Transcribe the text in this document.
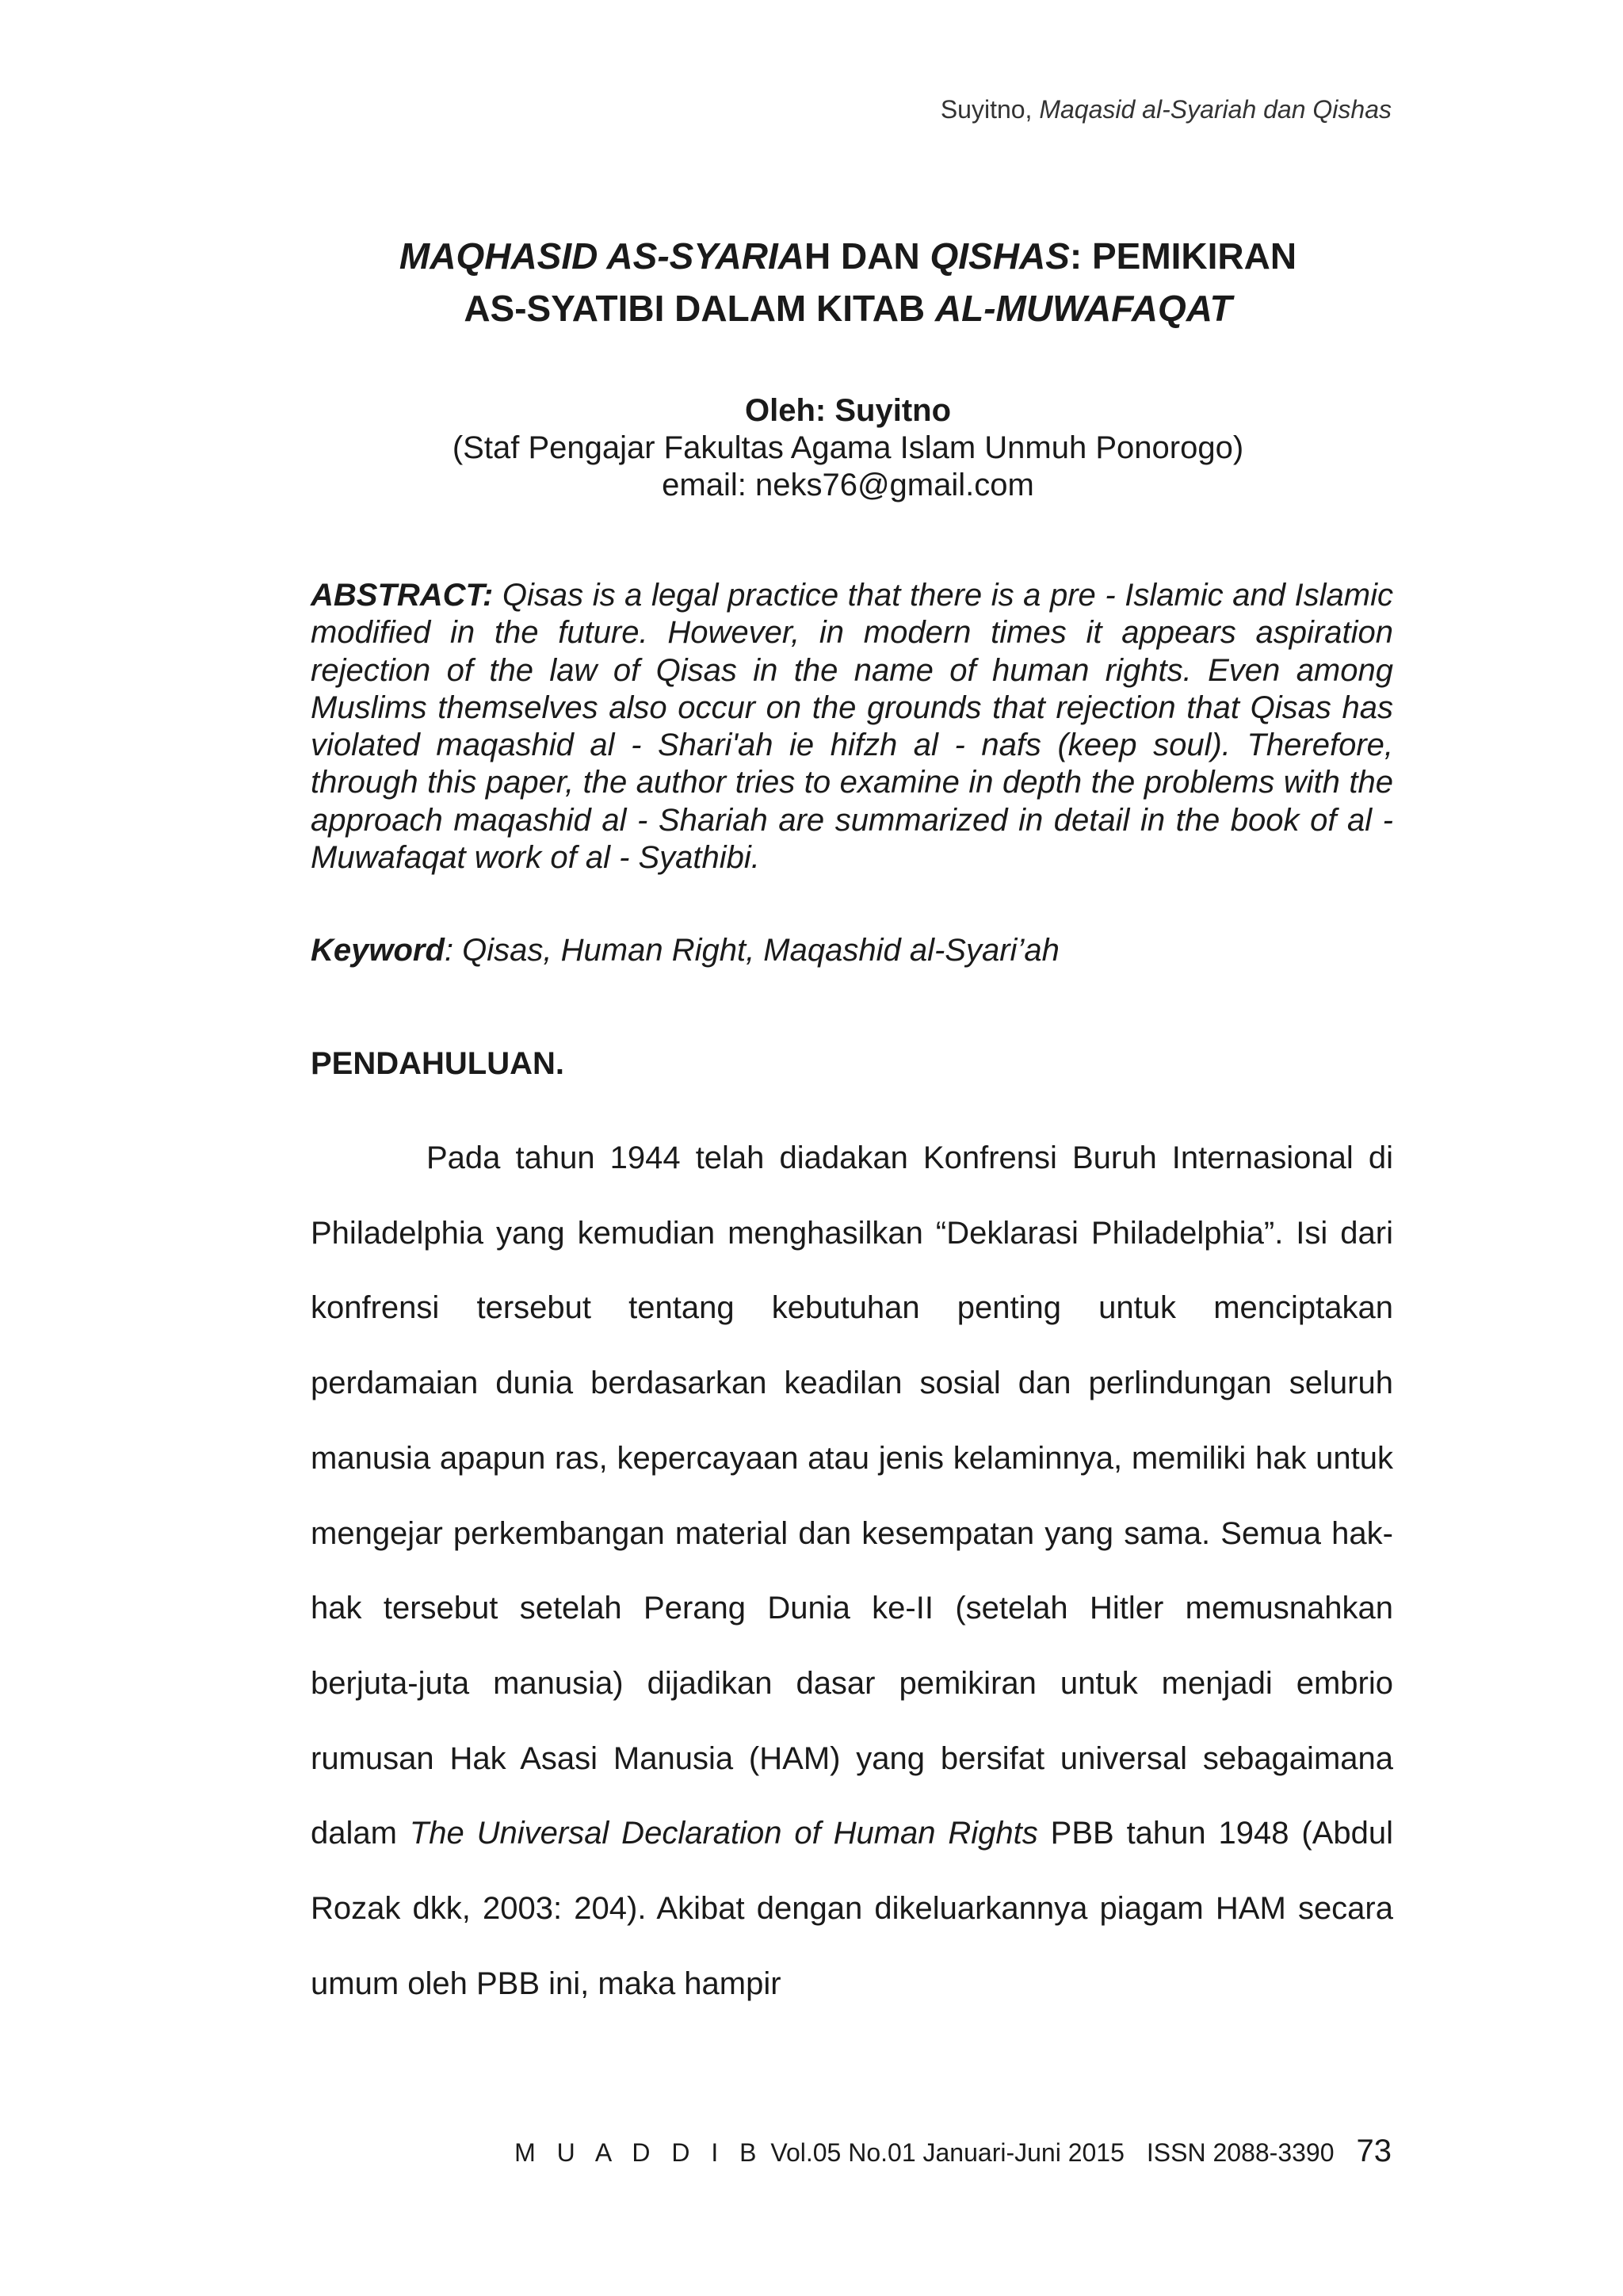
Suyitno, Maqasid al-Syariah dan Qishas
MAQHASID AS-SYARIAH DAN QISHAS: PEMIKIRAN
AS-SYATIBI DALAM KITAB AL-MUWAFAQAT
Oleh: Suyitno
(Staf Pengajar Fakultas Agama Islam Unmuh Ponorogo)
email: neks76@gmail.com
ABSTRACT: Qisas is a legal practice that there is a pre - Islamic and Islamic modified in the future. However, in modern times it appears aspiration rejection of the law of Qisas in the name of human rights. Even among Muslims themselves also occur on the grounds that rejection that Qisas has violated maqashid al - Shari'ah ie hifzh al - nafs (keep soul). Therefore, through this paper, the author tries to examine in depth the problems with the approach maqashid al - Shariah are summarized in detail in the book of al - Muwafaqat work of al - Syathibi.
Keyword: Qisas, Human Right, Maqashid al-Syari’ah
PENDAHULUAN.

Pada tahun 1944 telah diadakan Konfrensi Buruh Internasional di Philadelphia yang kemudian menghasilkan “Deklarasi Philadelphia”. Isi dari konfrensi tersebut tentang kebutuhan penting untuk menciptakan perdamaian dunia berdasarkan keadilan sosial dan perlindungan seluruh manusia apapun ras, kepercayaan atau jenis kelaminnya, memiliki hak untuk mengejar perkembangan material dan kesempatan yang sama. Semua hak-hak tersebut setelah Perang Dunia ke-II (setelah Hitler memusnahkan berjuta-juta manusia) dijadikan dasar pemikiran untuk menjadi embrio rumusan Hak Asasi Manusia (HAM) yang bersifat universal sebagaimana dalam The Universal Declaration of Human Rights PBB tahun 1948 (Abdul Rozak dkk, 2003: 204). Akibat dengan dikeluarkannya piagam HAM secara umum oleh PBB ini, maka hampir

M U A D D I B Vol.05 No.01 Januari-Juni 2015 ISSN 2088-3390 73
